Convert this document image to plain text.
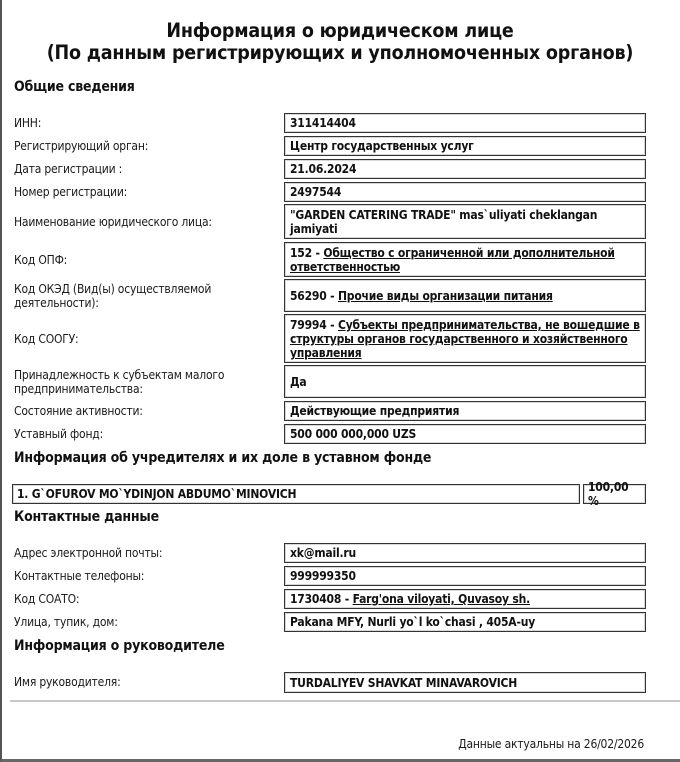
Информация о юридическом лице
(По данным регистрирующих и уполномоченных органов)
Общие сведения
ИНН:	311414404
Регистрирующий орган:	Центр государственных услуг
Дата регистрации :	21.06.2024
Номер регистрации:	2497544
Наименование юридического лица:	"GARDEN CATERING TRADE" mas`uliyati cheklangan jamiyati
Код ОПФ:	152 - Общество с ограниченной или дополнительной ответственностью
Код ОКЭД (Вид(ы) осуществляемой деятельности):
56290 - Прочие виды организации питания
Код СООГУ:
79994 - Субъекты предпринимательства, не вошедшие в структуры органов государственного и хозяйственного управления
Принадлежность к субъектам малого предпринимательства:
Да
Состояние активности:	Действующие предприятия
Уставный фонд:	500 000 000,000 UZS
Информация об учредителях и их доле в уставном фонде
1. G`OFUROV MO`YDINJON ABDUMO`MINOVICH	100,00 %
Контактные данные
Адрес электронной почты:	xk@mail.ru
Контактные телефоны:	999999350
Код СОАТО:	1730408 - Farg'ona viloyati, Quvasoy sh.
Улица, тупик, дом:	Pakana MFY, Nurli yo`l ko`chasi , 405A-uy
Информация о руководителе
Имя руководителя:	TURDALIYEV SHAVKAT MINAVAROVICH
Данные актуальны на 26/02/2026
